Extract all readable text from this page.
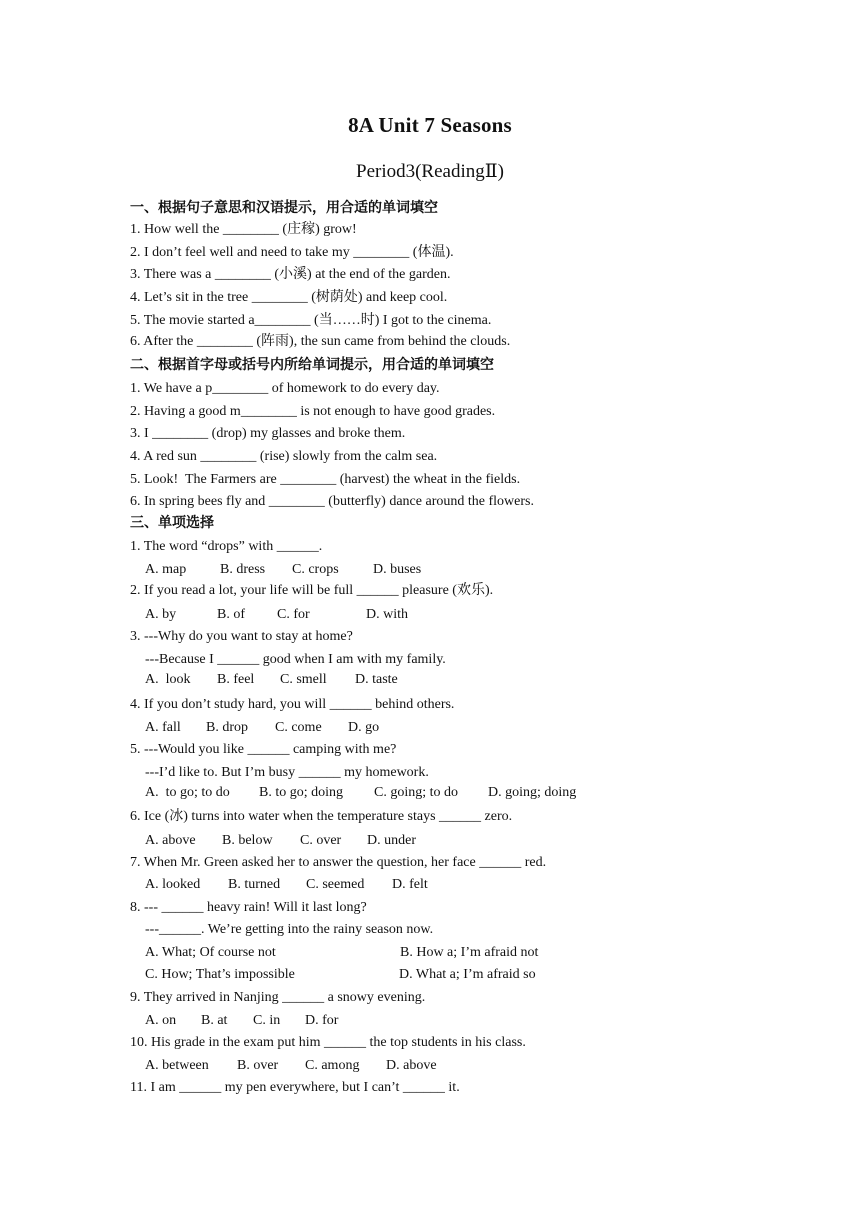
8A Unit 7 Seasons
Period3(ReadingⅡ)
一、根据句子意思和汉语提示，用合适的单词填空
1. How well the ________ (庄稼) grow!
2. I don’t feel well and need to take my ________ (体温).
3. There was a ________ (小溪) at the end of the garden.
4. Let’s sit in the tree ________ (树荫处) and keep cool.
5. The movie started a________ (当……时) I got to the cinema.
6. After the ________ (阵雨), the sun came from behind the clouds.
二、根据首字母或括号内所给单词提示，用合适的单词填空
1. We have a p________ of homework to do every day.
2. Having a good m________ is not enough to have good grades.
3. I ________ (drop) my glasses and broke them.
4. A red sun ________ (rise) slowly from the calm sea.
5. Look!  The Farmers are ________ (harvest) the wheat in the fields.
6. In spring bees fly and ________ (butterfly) dance around the flowers.
三、单项选择
1. The word “drops” with ______.
A. map B. dress C. crops D. buses
2. If you read a lot, your life will be full ______ pleasure (欢乐).
A. by	B. of C. for	D. with
3. ---Why do you want to stay at home?
---Because I ______ good when I am with my family.
A.  look B. feel C. smell D. taste
4. If you don’t study hard, you will ______ behind others.
A. fall B. drop C. come D. go
5. ---Would you like ______ camping with me?
---I’d like to. But I’m busy ______ my homework.
A.  to go; to do B. to go; doing C. going; to do D. going; doing
6. Ice (冰) turns into water when the temperature stays ______ zero.
A. above B. below C. over D. under
7. When Mr. Green asked her to answer the question, her face ______ red.
A. looked B. turned C. seemed D. felt
8. --- ______ heavy rain! Will it last long?
---______. We’re getting into the rainy season now.
A. What; Of course not	B. How a; I’m afraid not
C. How; That’s impossible	D. What a; I’m afraid so
9. They arrived in Nanjing ______ a snowy evening.
A. on B. at C. in D. for
10. His grade in the exam put him ______ the top students in his class.
A. between B. over C. among D. above
11. I am ______ my pen everywhere, but I can’t ______ it.
